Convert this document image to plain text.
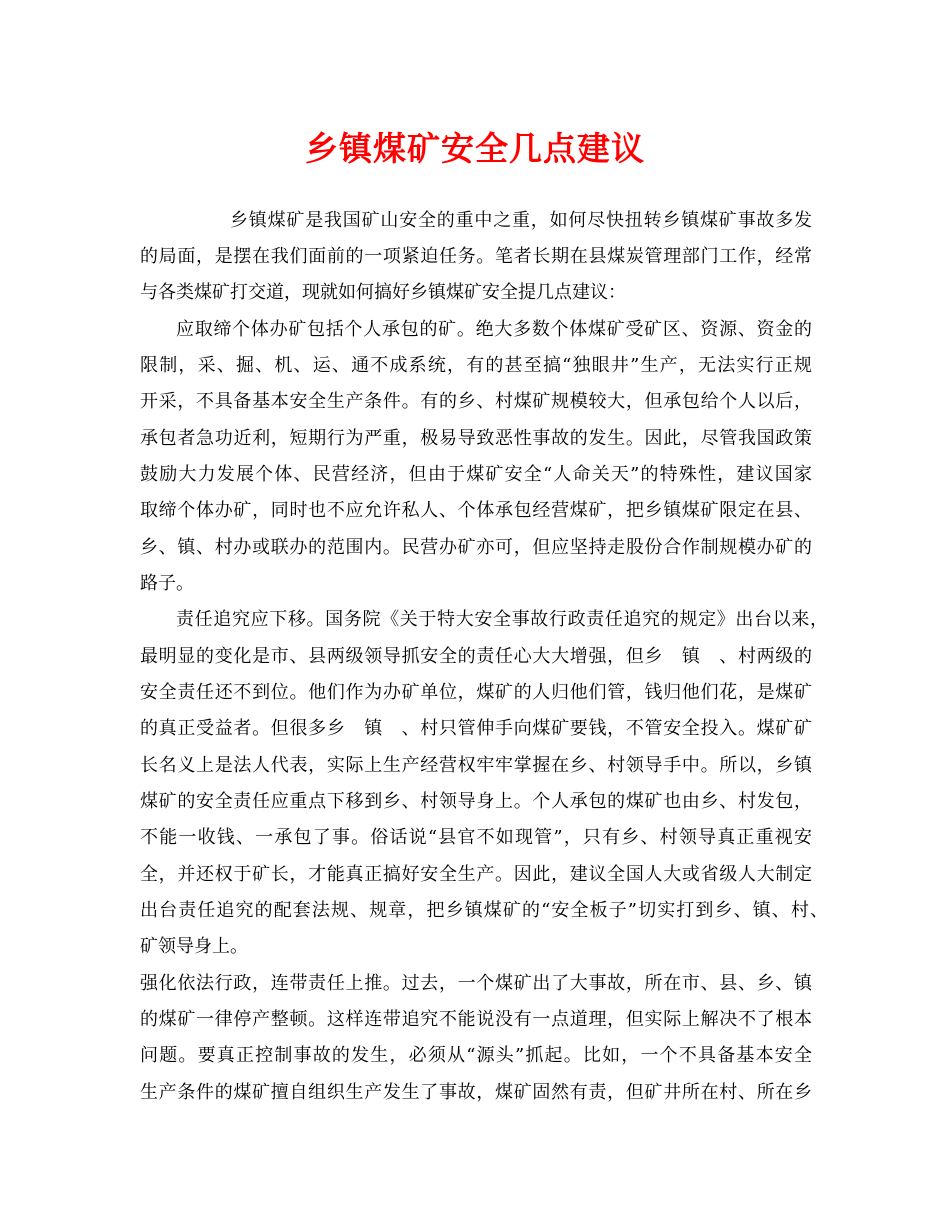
乡镇煤矿安全几点建议
乡镇煤矿是我国矿山安全的重中之重，如何尽快扭转乡镇煤矿事故多发
的局面，是摆在我们面前的一项紧迫任务。笔者长期在县煤炭管理部门工作，经常
与各类煤矿打交道，现就如何搞好乡镇煤矿安全提几点建议：
应取缔个体办矿包括个人承包的矿。绝大多数个体煤矿受矿区、资源、资金的
限制，采、掘、机、运、通不成系统，有的甚至搞“独眼井”生产，无法实行正规
开采，不具备基本安全生产条件。有的乡、村煤矿规模较大，但承包给个人以后，
承包者急功近利，短期行为严重，极易导致恶性事故的发生。因此，尽管我国政策
鼓励大力发展个体、民营经济，但由于煤矿安全“人命关天”的特殊性，建议国家
取缔个体办矿，同时也不应允许私人、个体承包经营煤矿，把乡镇煤矿限定在县、
乡、镇、村办或联办的范围内。民营办矿亦可，但应坚持走股份合作制规模办矿的
路子。
责任追究应下移。国务院《关于特大安全事故行政责任追究的规定》出台以来，
最明显的变化是市、县两级领导抓安全的责任心大大增强，但乡　镇　、村两级的
安全责任还不到位。他们作为办矿单位，煤矿的人归他们管，钱归他们花，是煤矿
的真正受益者。但很多乡　镇　、村只管伸手向煤矿要钱，不管安全投入。煤矿矿
长名义上是法人代表，实际上生产经营权牢牢掌握在乡、村领导手中。所以，乡镇
煤矿的安全责任应重点下移到乡、村领导身上。个人承包的煤矿也由乡、村发包，
不能一收钱、一承包了事。俗话说“县官不如现管”，只有乡、村领导真正重视安
全，并还权于矿长，才能真正搞好安全生产。因此，建议全国人大或省级人大制定
出台责任追究的配套法规、规章，把乡镇煤矿的“安全板子”切实打到乡、镇、村、
矿领导身上。
强化依法行政，连带责任上推。过去，一个煤矿出了大事故，所在市、县、乡、镇
的煤矿一律停产整顿。这样连带追究不能说没有一点道理，但实际上解决不了根本
问题。要真正控制事故的发生，必须从“源头”抓起。比如，一个不具备基本安全
生产条件的煤矿擅自组织生产发生了事故，煤矿固然有责，但矿井所在村、所在乡
